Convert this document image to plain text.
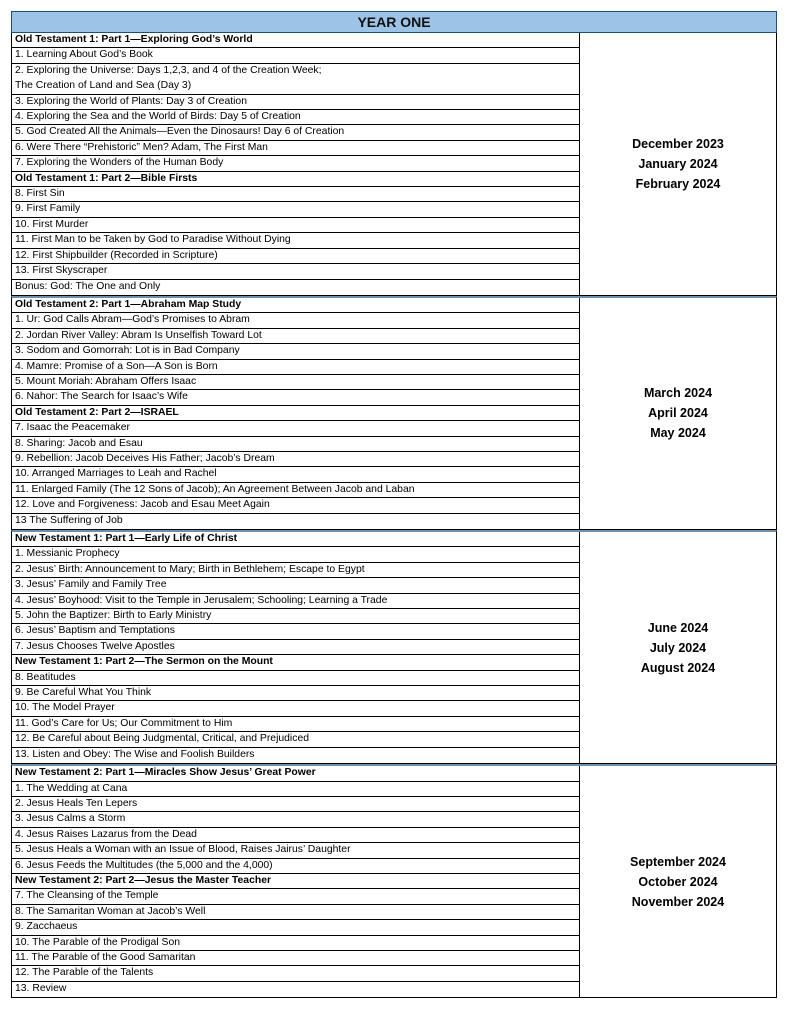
YEAR ONE
Old Testament 1: Part 1—Exploring God’s World
1. Learning About God’s Book
2. Exploring the Universe: Days 1,2,3, and 4 of the Creation Week;
The Creation of Land and Sea (Day 3)
3. Exploring the World of Plants: Day 3 of Creation
4. Exploring the Sea and the World of Birds: Day 5 of Creation
5. God Created All the Animals—Even the Dinosaurs! Day 6 of Creation
6. Were There “Prehistoric” Men? Adam, The First Man
7. Exploring the Wonders of the Human Body
Old Testament 1: Part 2—Bible Firsts
8. First Sin
9. First Family
10. First Murder
11. First Man to be Taken by God to Paradise Without Dying
12. First Shipbuilder (Recorded in Scripture)
13. First Skyscraper
Bonus: God: The One and Only
December 2023
January 2024
February 2024
Old Testament 2: Part 1—Abraham Map Study
1. Ur: God Calls Abram—God’s Promises to Abram
2. Jordan River Valley: Abram Is Unselfish Toward Lot
3. Sodom and Gomorrah: Lot is in Bad Company
4. Mamre: Promise of a Son—A Son is Born
5. Mount Moriah: Abraham Offers Isaac
6. Nahor: The Search for Isaac’s Wife
Old Testament 2: Part 2—ISRAEL
7. Isaac the Peacemaker
8. Sharing: Jacob and Esau
9. Rebellion: Jacob Deceives His Father; Jacob’s Dream
10. Arranged Marriages to Leah and Rachel
11. Enlarged Family (The 12 Sons of Jacob); An Agreement Between Jacob and Laban
12. Love and Forgiveness: Jacob and Esau Meet Again
13 The Suffering of Job
March 2024
April 2024
May 2024
New Testament 1: Part 1—Early Life of Christ
1. Messianic Prophecy
2. Jesus’ Birth: Announcement to Mary; Birth in Bethlehem; Escape to Egypt
3. Jesus’ Family and Family Tree
4. Jesus’ Boyhood: Visit to the Temple in Jerusalem; Schooling; Learning a Trade
5. John the Baptizer: Birth to Early Ministry
6. Jesus’ Baptism and Temptations
7. Jesus Chooses Twelve Apostles
New Testament 1: Part 2—The Sermon on the Mount
8. Beatitudes
9. Be Careful What You Think
10. The Model Prayer
11. God’s Care for Us; Our Commitment to Him
12. Be Careful about Being Judgmental, Critical, and Prejudiced
13. Listen and Obey: The Wise and Foolish Builders
June 2024
July 2024
August 2024
New Testament 2: Part 1—Miracles Show Jesus’ Great Power
1. The Wedding at Cana
2. Jesus Heals Ten Lepers
3. Jesus Calms a Storm
4. Jesus Raises Lazarus from the Dead
5. Jesus Heals a Woman with an Issue of Blood, Raises Jairus’ Daughter
6. Jesus Feeds the Multitudes (the 5,000 and the 4,000)
New Testament 2: Part 2—Jesus the Master Teacher
7. The Cleansing of the Temple
8. The Samaritan Woman at Jacob’s Well
9. Zacchaeus
10. The Parable of the Prodigal Son
11. The Parable of the Good Samaritan
12. The Parable of the Talents
13. Review
September 2024
October 2024
November 2024
